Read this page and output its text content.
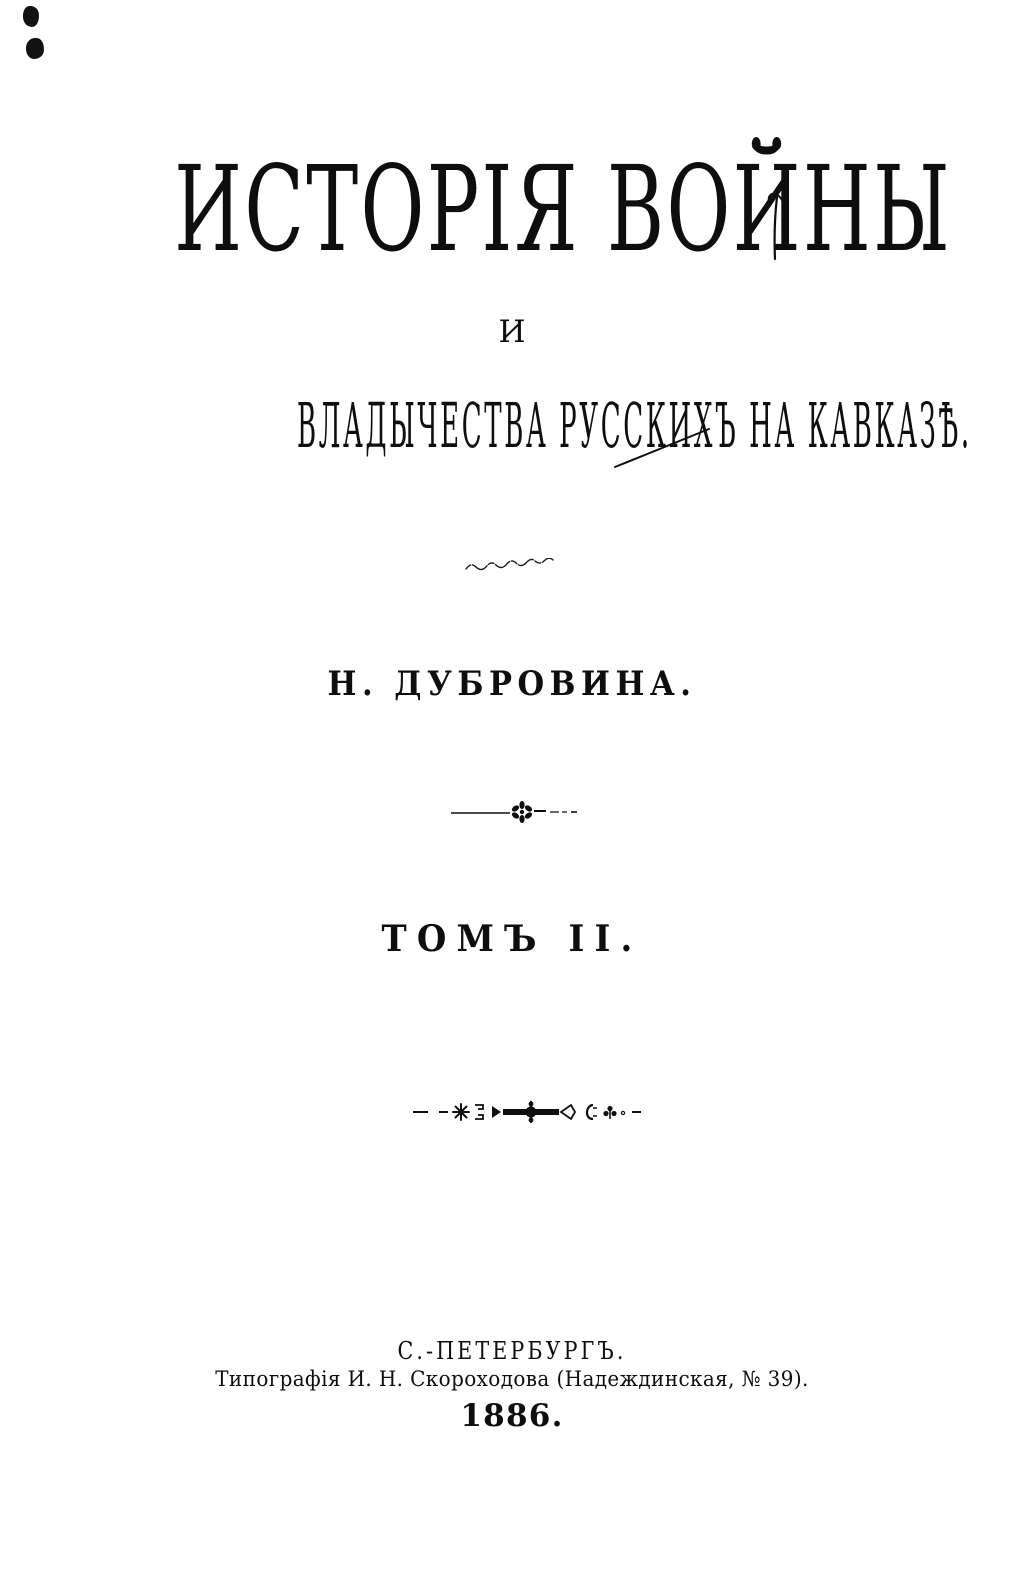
ИСТОРІЯ ВОЙНЫ
И
ВЛАДЫЧЕСТВА РУССКИХЪ НА КАВКАЗѢ.
Н. ДУБРОВИНА.
ТОМЪ II.
С.-ПЕТЕРБУРГЪ.
Типографія И. Н. Скороходова (Надеждинская, № 39).
1886.
